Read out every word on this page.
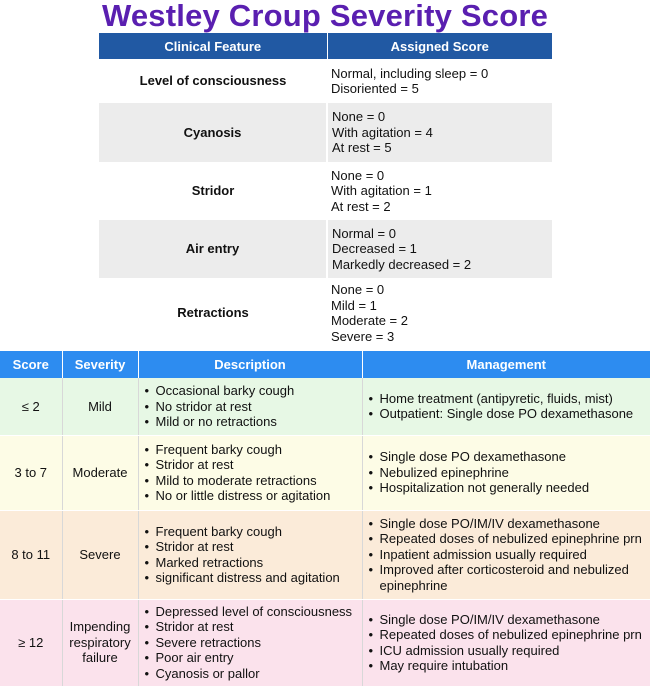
Westley Croup Severity Score
Clinical Feature	Assigned Score
Level of consciousness	Normal, including sleep = 0
Disoriented = 5

Cyanosis	None = 0
With agitation = 4
At rest = 5

Stridor	None = 0
With agitation = 1
At rest = 2

Air entry	Normal = 0
Decreased = 1
Markedly decreased = 2

Retractions	None = 0
Mild = 1
Moderate = 2
Severe = 3
Score	Severity	Description	Management
≤ 2	Mild	• Occasional barky cough
• No stridor at rest
• Mild or no retractions	• Home treatment (antipyretic, fluids, mist)
• Outpatient: Single dose PO dexamethasone

3 to 7	Moderate	• Frequent barky cough
• Stridor at rest
• Mild to moderate retractions
• No or little distress or agitation	• Single dose PO dexamethasone
• Nebulized epinephrine
• Hospitalization not generally needed

8 to 11	Severe	• Frequent barky cough
• Stridor at rest
• Marked retractions
• significant distress and agitation	• Single dose PO/IM/IV dexamethasone
• Repeated doses of nebulized epinephrine prn
• Inpatient admission usually required
• Improved after corticosteroid and nebulized epinephrine

≥ 12	Impending respiratory failure	• Depressed level of consciousness
• Stridor at rest
• Severe retractions
• Poor air entry
• Cyanosis or pallor	• Single dose PO/IM/IV dexamethasone
• Repeated doses of nebulized epinephrine prn
• ICU admission usually required
• May require intubation
